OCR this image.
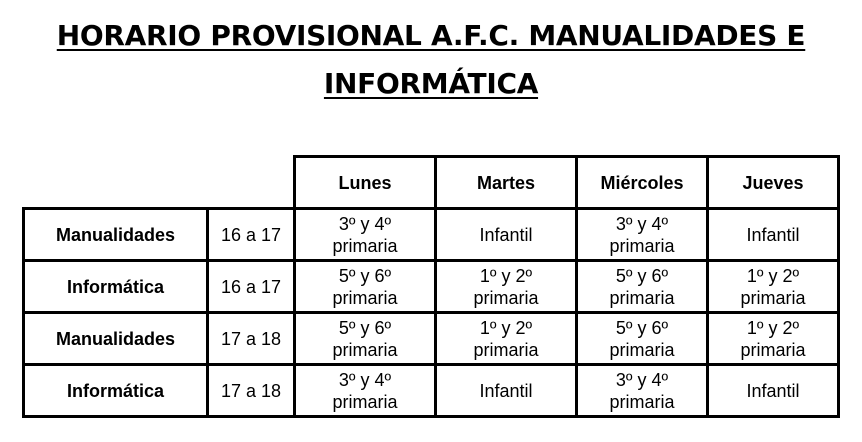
HORARIO PROVISIONAL A.F.C. MANUALIDADES E
INFORMÁTICA
		Lunes	Martes	Miércoles	Jueves
Manualidades	16 a 17	3º y 4º
primaria	Infantil	3º y 4º
primaria	Infantil

Informática	16 a 17	5º y 6º
primaria	1º y 2º
primaria	5º y 6º
primaria	1º y 2º
primaria

Manualidades	17 a 18	5º y 6º
primaria	1º y 2º
primaria	5º y 6º
primaria	1º y 2º
primaria

Informática	17 a 18	3º y 4º
primaria	Infantil	3º y 4º
primaria	Infantil
